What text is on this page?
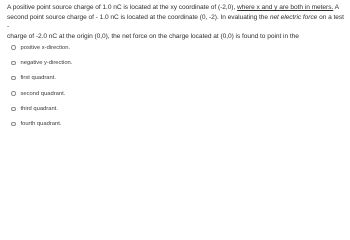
A positive point source charge of 1.0 nC is located at the xy coordinate of (-2,0), where x and y are both in meters. A
second point source charge of - 1.0 nC is located at the coordinate (0, -2). In evaluating the net electric force on a test -
charge of -2.0 nC at the origin (0,0), the net force on the charge located at (0,0) is found to point in the

positive x-direction.
negative y-direction.
first quadrant.
second quadrant.
third quadrant.
fourth quadrant.
